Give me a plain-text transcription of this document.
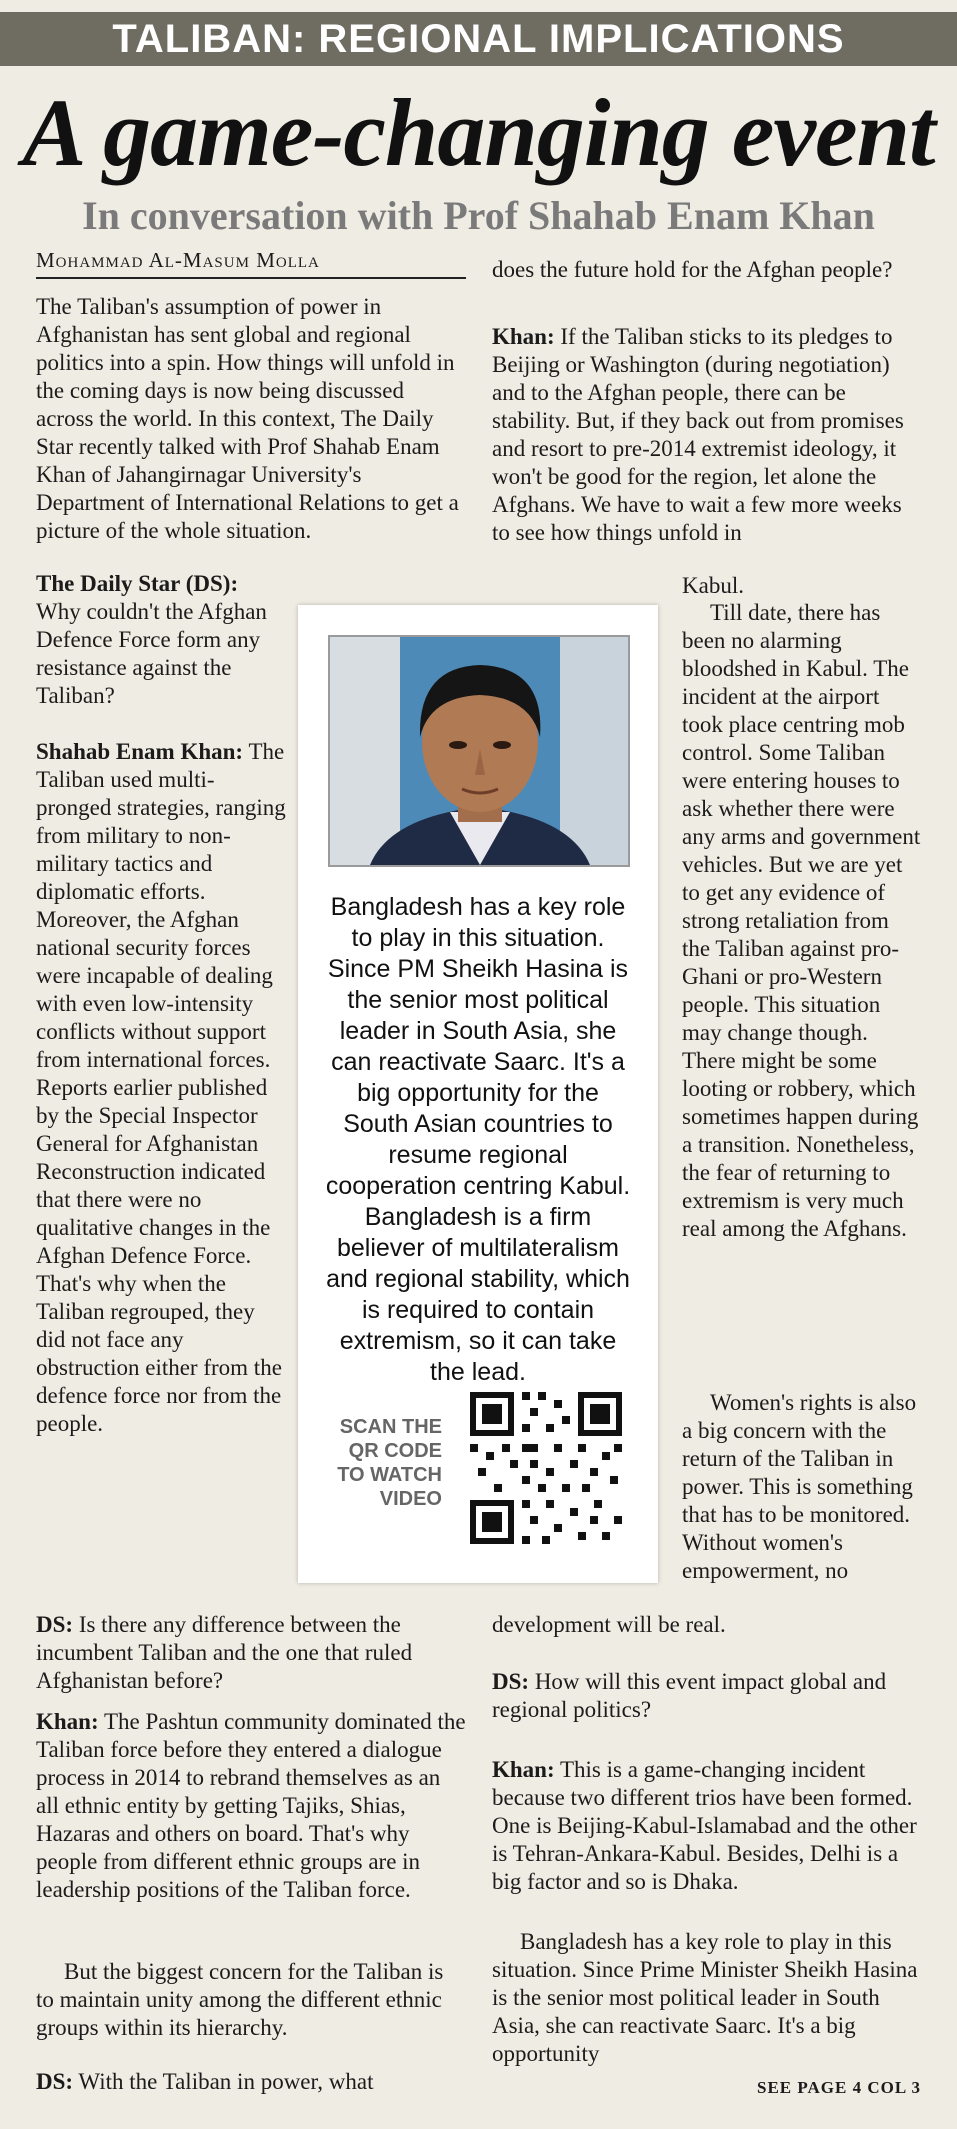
TALIBAN: REGIONAL IMPLICATIONS
A game-changing event
In conversation with Prof Shahab Enam Khan
Mohammad Al-Masum Molla

The Taliban's assumption of power in Afghanistan has sent global and regional politics into a spin. How things will unfold in the coming days is now being discussed across the world. In this context, The Daily Star recently talked with Prof Shahab Enam Khan of Jahangirnagar University's Department of International Relations to get a picture of the whole situation.

The Daily Star (DS): Why couldn't the Afghan Defence Force form any resistance against the Taliban?

Shahab Enam Khan: The Taliban used multi-pronged strategies, ranging from military to non-military tactics and diplomatic efforts. Moreover, the Afghan national security forces were incapable of dealing with even low-intensity conflicts without support from international forces. Reports earlier published by the Special Inspector General for Afghanistan Reconstruction indicated that there were no qualitative changes in the Afghan Defence Force. That's why when the Taliban regrouped, they did not face any obstruction either from the defence force nor from the people.

DS: Is there any difference between the incumbent Taliban and the one that ruled Afghanistan before?

Khan: The Pashtun community dominated the Taliban force before they entered a dialogue process in 2014 to rebrand themselves as an all ethnic entity by getting Tajiks, Shias, Hazaras and others on board. That's why people from different ethnic groups are in leadership positions of the Taliban force.

But the biggest concern for the Taliban is to maintain unity among the different ethnic groups within its hierarchy.

DS: With the Taliban in power, what

does the future hold for the Afghan people?

Khan: If the Taliban sticks to its pledges to Beijing or Washington (during negotiation) and to the Afghan people, there can be stability. But, if they back out from promises and resort to pre-2014 extremist ideology, it won't be good for the region, let alone the Afghans. We have to wait a few more weeks to see how things unfold in

Kabul.

Till date, there has been no alarming bloodshed in Kabul. The incident at the airport took place centring mob control. Some Taliban were entering houses to ask whether there were any arms and government vehicles. But we are yet to get any evidence of strong retaliation from the Taliban against pro-Ghani or pro-Western people. This situation may change though. There might be some looting or robbery, which sometimes happen during a transition. Nonetheless, the fear of returning to extremism is very much real among the Afghans.

Women's rights is also a big concern with the return of the Taliban in power. This is something that has to be monitored. Without women's empowerment, no

development will be real.

DS: How will this event impact global and regional politics?

Khan: This is a game-changing incident because two different trios have been formed. One is Beijing-Kabul-Islamabad and the other is Tehran-Ankara-Kabul. Besides, Delhi is a big factor and so is Dhaka.

Bangladesh has a key role to play in this situation. Since Prime Minister Sheikh Hasina is the senior most political leader in South Asia, she can reactivate Saarc. It's a big opportunity

Bangladesh has a key role to play in this situation. Since PM Sheikh Hasina is the senior most political leader in South Asia, she can reactivate Saarc. It's a big opportunity for the South Asian countries to resume regional cooperation centring Kabul. Bangladesh is a firm believer of multilateralism and regional stability, which is required to contain extremism, so it can take the lead.
SCAN THE QR CODE TO WATCH VIDEO
SEE PAGE 4 COL 3
